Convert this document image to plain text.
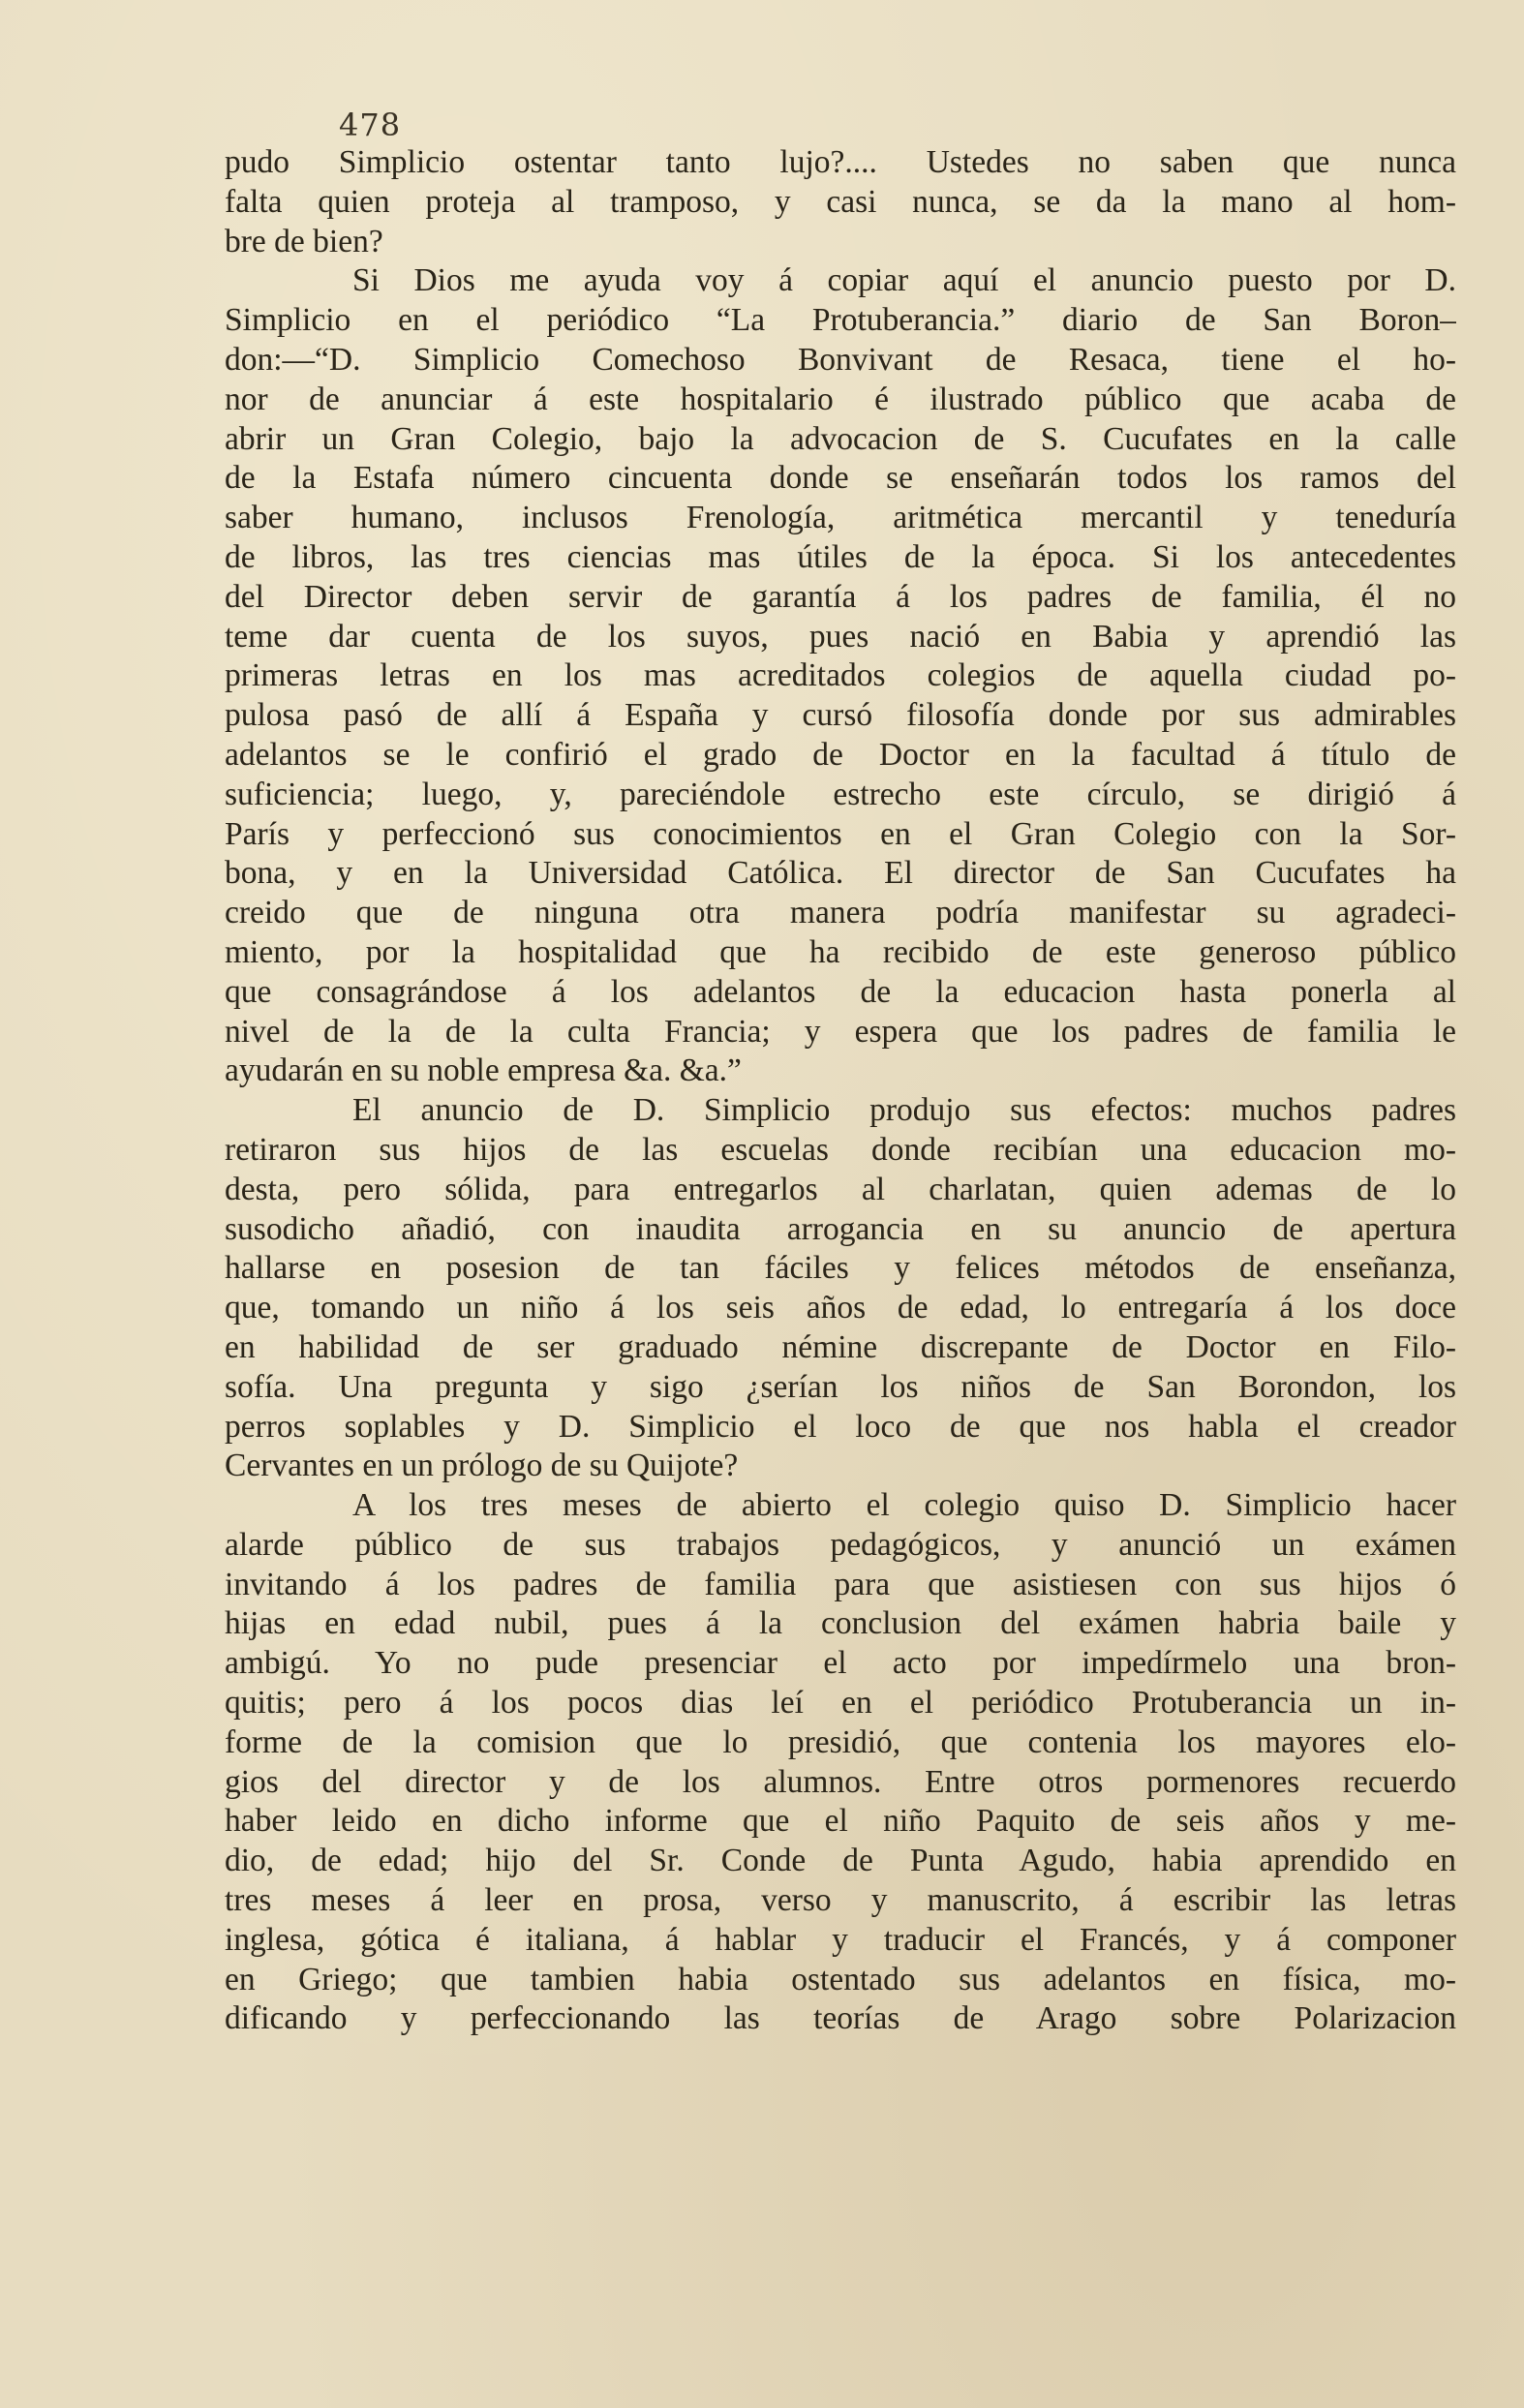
478
pudo Simplicio ostentar tanto lujo?.... Ustedes no saben que nunca
falta quien proteja al tramposo, y casi nunca, se da la mano al hom-
bre de bien?
Si Dios me ayuda voy á copiar aquí el anuncio puesto por D.
Simplicio en el periódico “La Protuberancia.” diario de San Boron–
don:—“D. Simplicio Comechoso Bonvivant de Resaca, tiene el ho-
nor de anunciar á este hospitalario é ilustrado público que acaba de
abrir un Gran Colegio, bajo la advocacion de S. Cucufates en la calle
de la Estafa número cincuenta donde se enseñarán todos los ramos del
saber humano, inclusos Frenología, aritmética mercantil y teneduría
de libros, las tres ciencias mas útiles de la época. Si los antecedentes
del Director deben servir de garantía á los padres de familia, él no
teme dar cuenta de los suyos, pues nació en Babia y aprendió las
primeras letras en los mas acreditados colegios de aquella ciudad po-
pulosa pasó de allí á España y cursó filosofía donde por sus admirables
adelantos se le confirió el grado de Doctor en la facultad á título de
suficiencia; luego, y, pareciéndole estrecho este círculo, se dirigió á
París y perfeccionó sus conocimientos en el Gran Colegio con la Sor-
bona, y en la Universidad Católica. El director de San Cucufates ha
creido que de ninguna otra manera podría manifestar su agradeci-
miento, por la hospitalidad que ha recibido de este generoso público
que consagrándose á los adelantos de la educacion hasta ponerla al
nivel de la de la culta Francia; y espera que los padres de familia le
ayudarán en su noble empresa &a. &a.”
El anuncio de D. Simplicio produjo sus efectos: muchos padres
retiraron sus hijos de las escuelas donde recibían una educacion mo-
desta, pero sólida, para entregarlos al charlatan, quien ademas de lo
susodicho añadió, con inaudita arrogancia en su anuncio de apertura
hallarse en posesion de tan fáciles y felices métodos de enseñanza,
que, tomando un niño á los seis años de edad, lo entregaría á los doce
en habilidad de ser graduado némine discrepante de Doctor en Filo-
sofía. Una pregunta y sigo ¿serían los niños de San Borondon, los
perros soplables y D. Simplicio el loco de que nos habla el creador
Cervantes en un prólogo de su Quijote?
A los tres meses de abierto el colegio quiso D. Simplicio hacer
alarde público de sus trabajos pedagógicos, y anunció un exámen
invitando á los padres de familia para que asistiesen con sus hijos ó
hijas en edad nubil, pues á la conclusion del exámen habria baile y
ambigú. Yo no pude presenciar el acto por impedírmelo una bron-
quitis; pero á los pocos dias leí en el periódico Protuberancia un in-
forme de la comision que lo presidió, que contenia los mayores elo-
gios del director y de los alumnos. Entre otros pormenores recuerdo
haber leido en dicho informe que el niño Paquito de seis años y me-
dio, de edad; hijo del Sr. Conde de Punta Agudo, habia aprendido en
tres meses á leer en prosa, verso y manuscrito, á escribir las letras
inglesa, gótica é italiana, á hablar y traducir el Francés, y á componer
en Griego; que tambien habia ostentado sus adelantos en física, mo-
dificando y perfeccionando las teorías de Arago sobre Polarizacion
